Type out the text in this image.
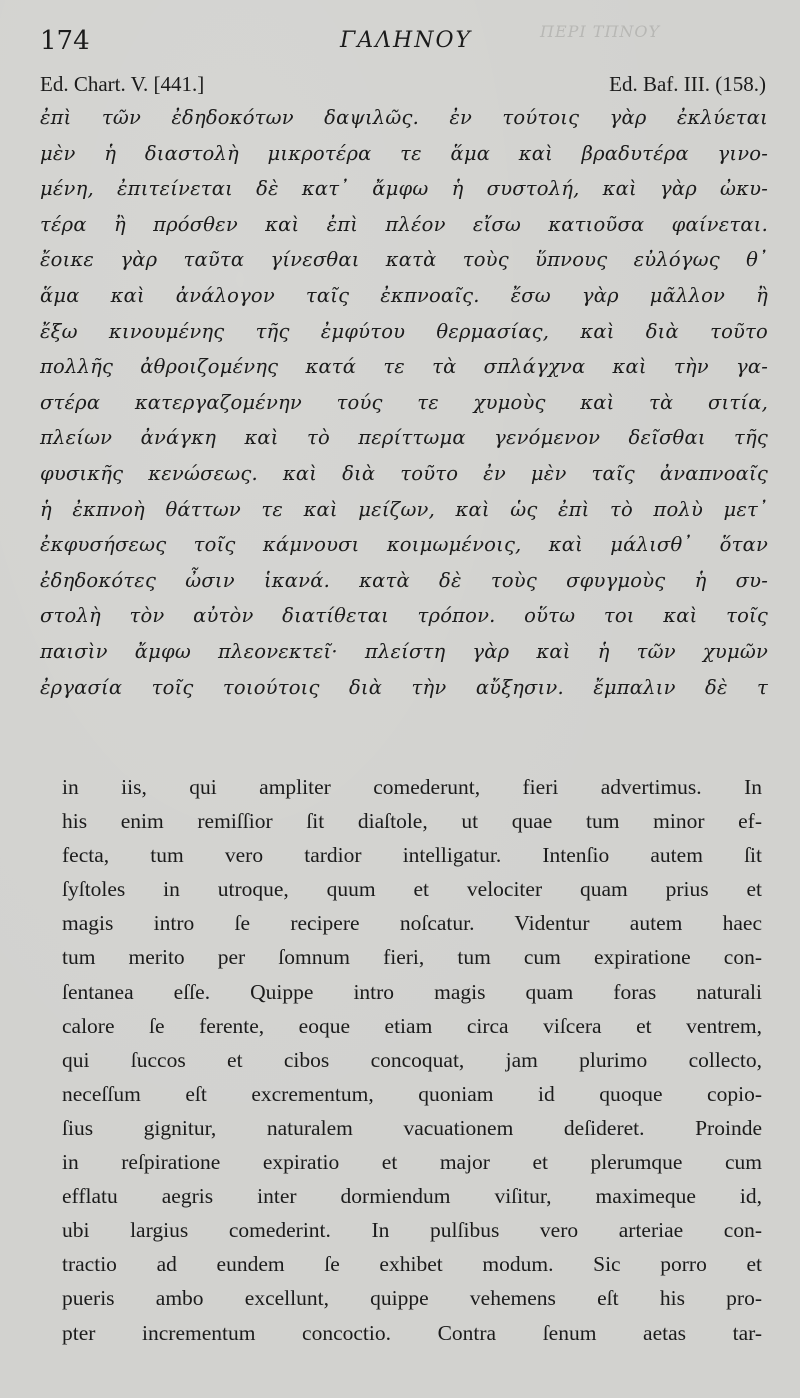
174	ΓΑΛΗΝΟΥ	ΠΕΡΙ ΤΠΝΟΥ
Ed. Chart. V. [441.]	Ed. Baf. III. (158.)
ἐπὶ τῶν ἐδηδοκότων δαψιλῶς. ἐν τούτοις γὰρ ἐκλύεται
μὲν ἡ διαστολὴ μικροτέρα τε ἅμα καὶ βραδυτέρα γινο-
μένη, ἐπιτείνεται δὲ κατ᾽ ἄμφω ἡ συστολή, καὶ γὰρ ὠκυ-
τέρα ἢ πρόσθεν καὶ ἐπὶ πλέον εἴσω κατιοῦσα φαίνεται.
ἔοικε γὰρ ταῦτα γίνεσθαι κατὰ τοὺς ὕπνους εὐλόγως θ᾽
ἅμα καὶ ἀνάλογον ταῖς ἐκπνοαῖς. ἔσω γὰρ μᾶλλον ἢ
ἔξω κινουμένης τῆς ἐμφύτου θερμασίας, καὶ διὰ τοῦτο
πολλῆς ἀθροιζομένης κατά τε τὰ σπλάγχνα καὶ τὴν γα-
στέρα κατεργαζομένην τούς τε χυμοὺς καὶ τὰ σιτία,
πλείων ἀνάγκη καὶ τὸ περίττωμα γενόμενον δεῖσθαι τῆς
φυσικῆς κενώσεως. καὶ διὰ τοῦτο ἐν μὲν ταῖς ἀναπνοαῖς
ἡ ἐκπνοὴ θάττων τε καὶ μείζων, καὶ ὡς ἐπὶ τὸ πολὺ μετ᾽
ἐκφυσήσεως τοῖς κάμνουσι κοιμωμένοις, καὶ μάλισθ᾽ ὅταν
ἐδηδοκότες ὦσιν ἱκανά. κατὰ δὲ τοὺς σφυγμοὺς ἡ συ-
στολὴ τὸν αὐτὸν διατίθεται τρόπον. οὕτω τοι καὶ τοῖς
παισὶν ἄμφω πλεονεκτεῖ· πλείστη γὰρ καὶ ἡ τῶν χυμῶν
ἐργασία τοῖς τοιούτοις διὰ τὴν αὔξησιν. ἔμπαλιν δὲ τ
in iis, qui ampliter comederunt, fieri advertimus. In
his enim remiſſior ſit diaſtole, ut quae tum minor ef-
fecta, tum vero tardior intelligatur. Intenſio autem ſit
ſyſtoles in utroque, quum et velociter quam prius et
magis intro ſe recipere noſcatur. Videntur autem haec
tum merito per ſomnum fieri, tum cum expiratione con-
ſentanea eſſe. Quippe intro magis quam foras naturali
calore ſe ferente, eoque etiam circa viſcera et ventrem,
qui ſuccos et cibos concoquat, jam plurimo collecto,
neceſſum eſt excrementum, quoniam id quoque copio-
ſius gignitur, naturalem vacuationem deſideret. Proinde
in reſpiratione expiratio et major et plerumque cum
efflatu aegris inter dormiendum viſitur, maximeque id,
ubi largius comederint. In pulſibus vero arteriae con-
tractio ad eundem ſe exhibet modum. Sic porro et
pueris ambo excellunt, quippe vehemens eſt his pro-
pter incrementum concoctio. Contra ſenum aetas tar-
